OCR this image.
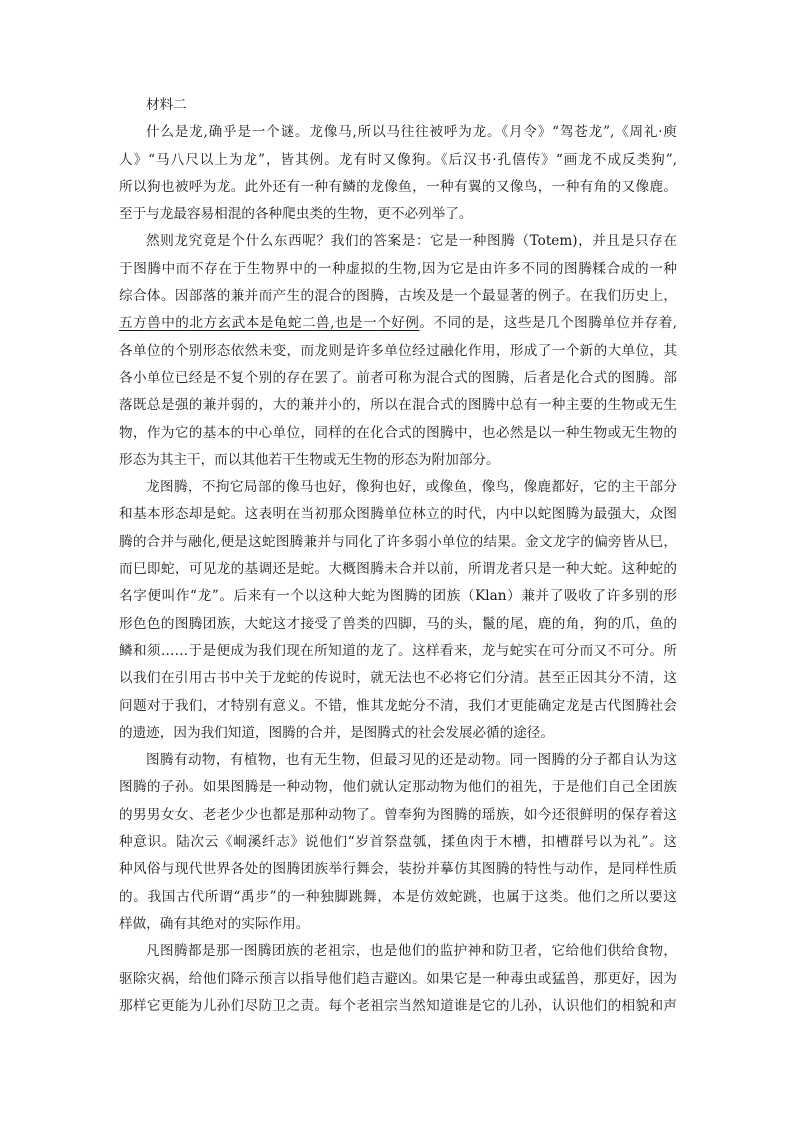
材料二
什么是龙,确乎是一个谜。龙像马,所以马往往被呼为龙。《月令》“驾苍龙”,《周礼·庾
人》“马八尺以上为龙”，皆其例。龙有时又像狗。《后汉书·孔僖传》“画龙不成反类狗”,
所以狗也被呼为龙。此外还有一种有鳞的龙像鱼，一种有翼的又像鸟，一种有角的又像鹿。
至于与龙最容易相混的各种爬虫类的生物，更不必列举了。
然则龙究竟是个什么东西呢？我们的答案是：它是一种图腾（Totem)，并且是只存在
于图腾中而不存在于生物界中的一种虚拟的生物,因为它是由许多不同的图腾糅合成的一种
综合体。因部落的兼并而产生的混合的图腾，古埃及是一个最显著的例子。在我们历史上，
五方兽中的北方玄武本是龟蛇二兽,也是一个好例。不同的是，这些是几个图腾单位并存着,
各单位的个别形态依然未变，而龙则是许多单位经过融化作用，形成了一个新的大单位，其
各小单位已经是不复个别的存在罢了。前者可称为混合式的图腾，后者是化合式的图腾。部
落既总是强的兼并弱的，大的兼并小的，所以在混合式的图腾中总有一种主要的生物或无生
物，作为它的基本的中心单位，同样的在化合式的图腾中，也必然是以一种生物或无生物的
形态为其主干，而以其他若干生物或无生物的形态为附加部分。
龙图腾，不拘它局部的像马也好，像狗也好，或像鱼，像鸟，像鹿都好，它的主干部分
和基本形态却是蛇。这表明在当初那众图腾单位林立的时代，内中以蛇图腾为最强大，众图
腾的合并与融化,便是这蛇图腾兼并与同化了许多弱小单位的结果。金文龙字的偏旁皆从巳，
而巳即蛇，可见龙的基调还是蛇。大概图腾未合并以前，所谓龙者只是一种大蛇。这种蛇的
名字便叫作“龙”。后来有一个以这种大蛇为图腾的团族（Klan）兼并了吸收了许多别的形
形色色的图腾团族，大蛇这才接受了兽类的四脚，马的头，鬣的尾，鹿的角，狗的爪，鱼的
鳞和须……于是便成为我们现在所知道的龙了。这样看来，龙与蛇实在可分而又不可分。所
以我们在引用古书中关于龙蛇的传说时，就无法也不必将它们分清。甚至正因其分不清，这
问题对于我们，才特别有意义。不错，惟其龙蛇分不清，我们才更能确定龙是古代图腾社会
的遗迹，因为我们知道，图腾的合并，是图腾式的社会发展必循的途径。
图腾有动物，有植物，也有无生物，但最习见的还是动物。同一图腾的分子都自认为这
图腾的子孙。如果图腾是一种动物，他们就认定那动物为他们的祖先，于是他们自己全团族
的男男女女、老老少少也都是那种动物了。曾奉狗为图腾的瑶族，如今还很鲜明的保存着这
种意识。陆次云《峒溪纤志》说他们“岁首祭盘瓠，揉鱼肉于木槽，扣槽群号以为礼”。这
种风俗与现代世界各处的图腾团族举行舞会，装扮并摹仿其图腾的特性与动作，是同样性质
的。我国古代所谓“禹步”的一种独脚跳舞，本是仿效蛇跳，也属于这类。他们之所以要这
样做，确有其绝对的实际作用。
凡图腾都是那一图腾团族的老祖宗，也是他们的监护神和防卫者，它给他们供给食物，
驱除灾祸，给他们降示预言以指导他们趋吉避凶。如果它是一种毒虫或猛兽，那更好，因为
那样它更能为儿孙们尽防卫之责。每个老祖宗当然知道谁是它的儿孙，认识他们的相貌和声
